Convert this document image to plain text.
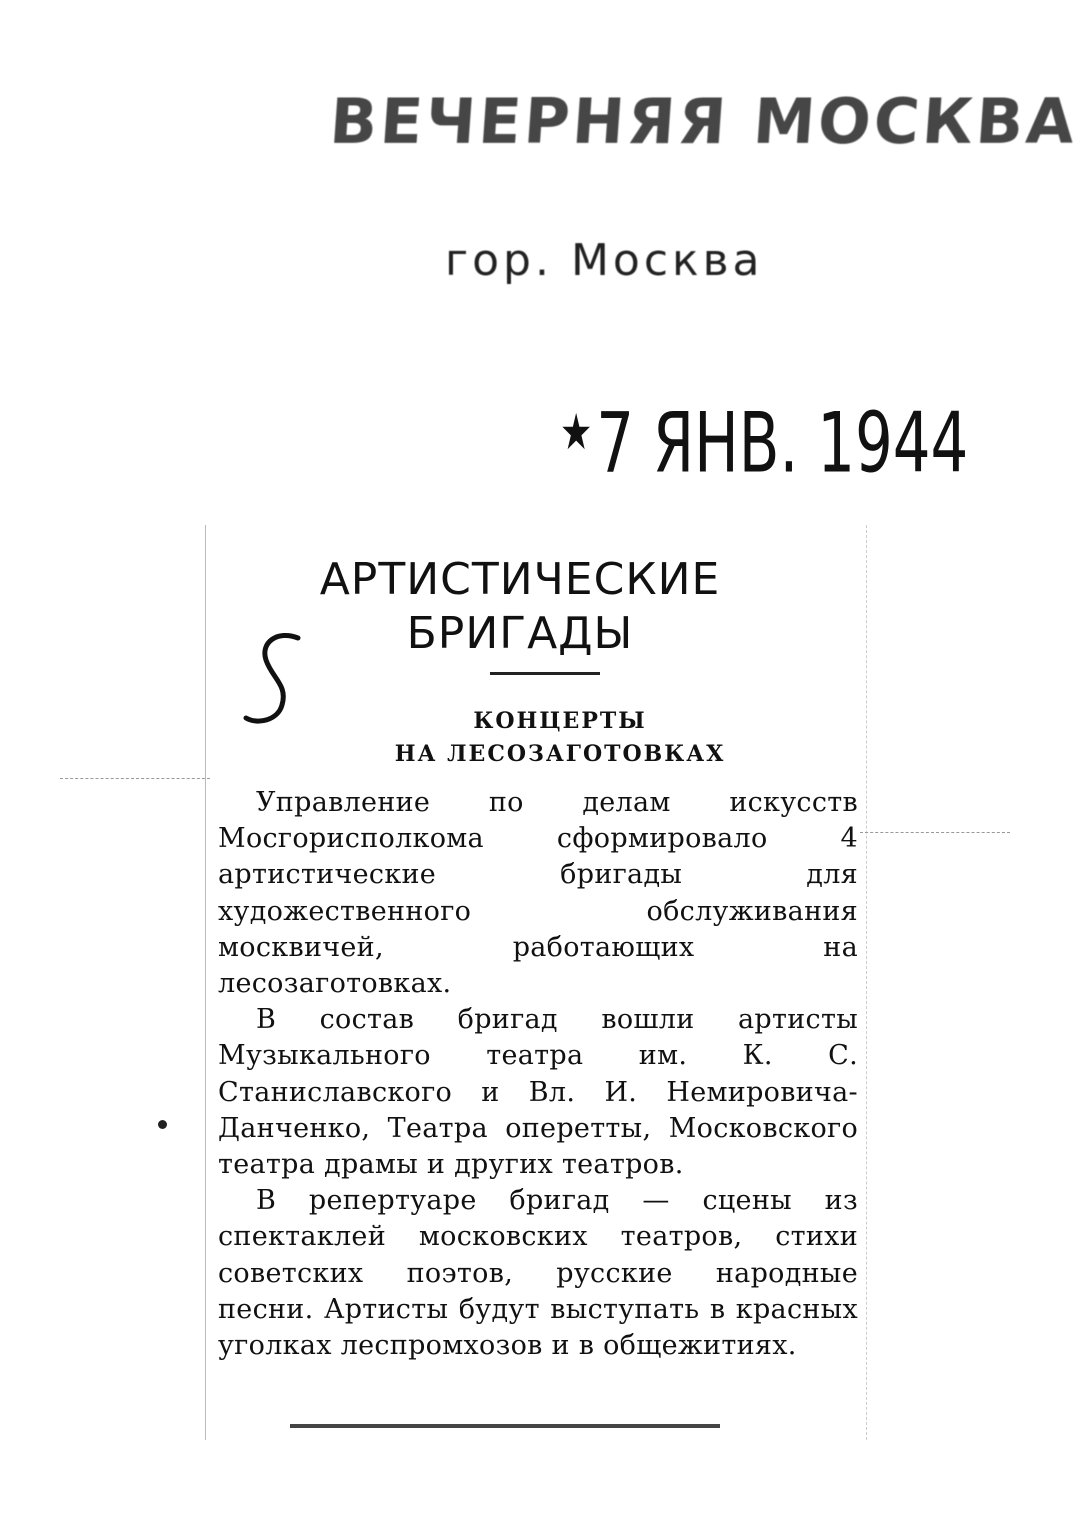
ВЕЧЕРНЯЯ МОСКВА
гор. Москва
★7 ЯНВ. 1944
АРТИСТИЧЕСКИЕ
БРИГАДЫ
КОНЦЕРТЫ
НА ЛЕСОЗАГОТОВКАХ

Управление по делам искусств Мосгорисполкома сформировало 4 артистические бригады для художественного обслуживания москвичей, работающих на лесозаготовках.

В состав бригад вошли артисты Музыкального театра им. К. С. Станиславского и Вл. И. Немировича-Данченко, Театра оперетты, Московского театра драмы и других театров.

В репертуаре бригад — сцены из спектаклей московских театров, стихи советских поэтов, русские народные песни. Артисты будут выступать в красных уголках леспромхозов и в общежитиях.
